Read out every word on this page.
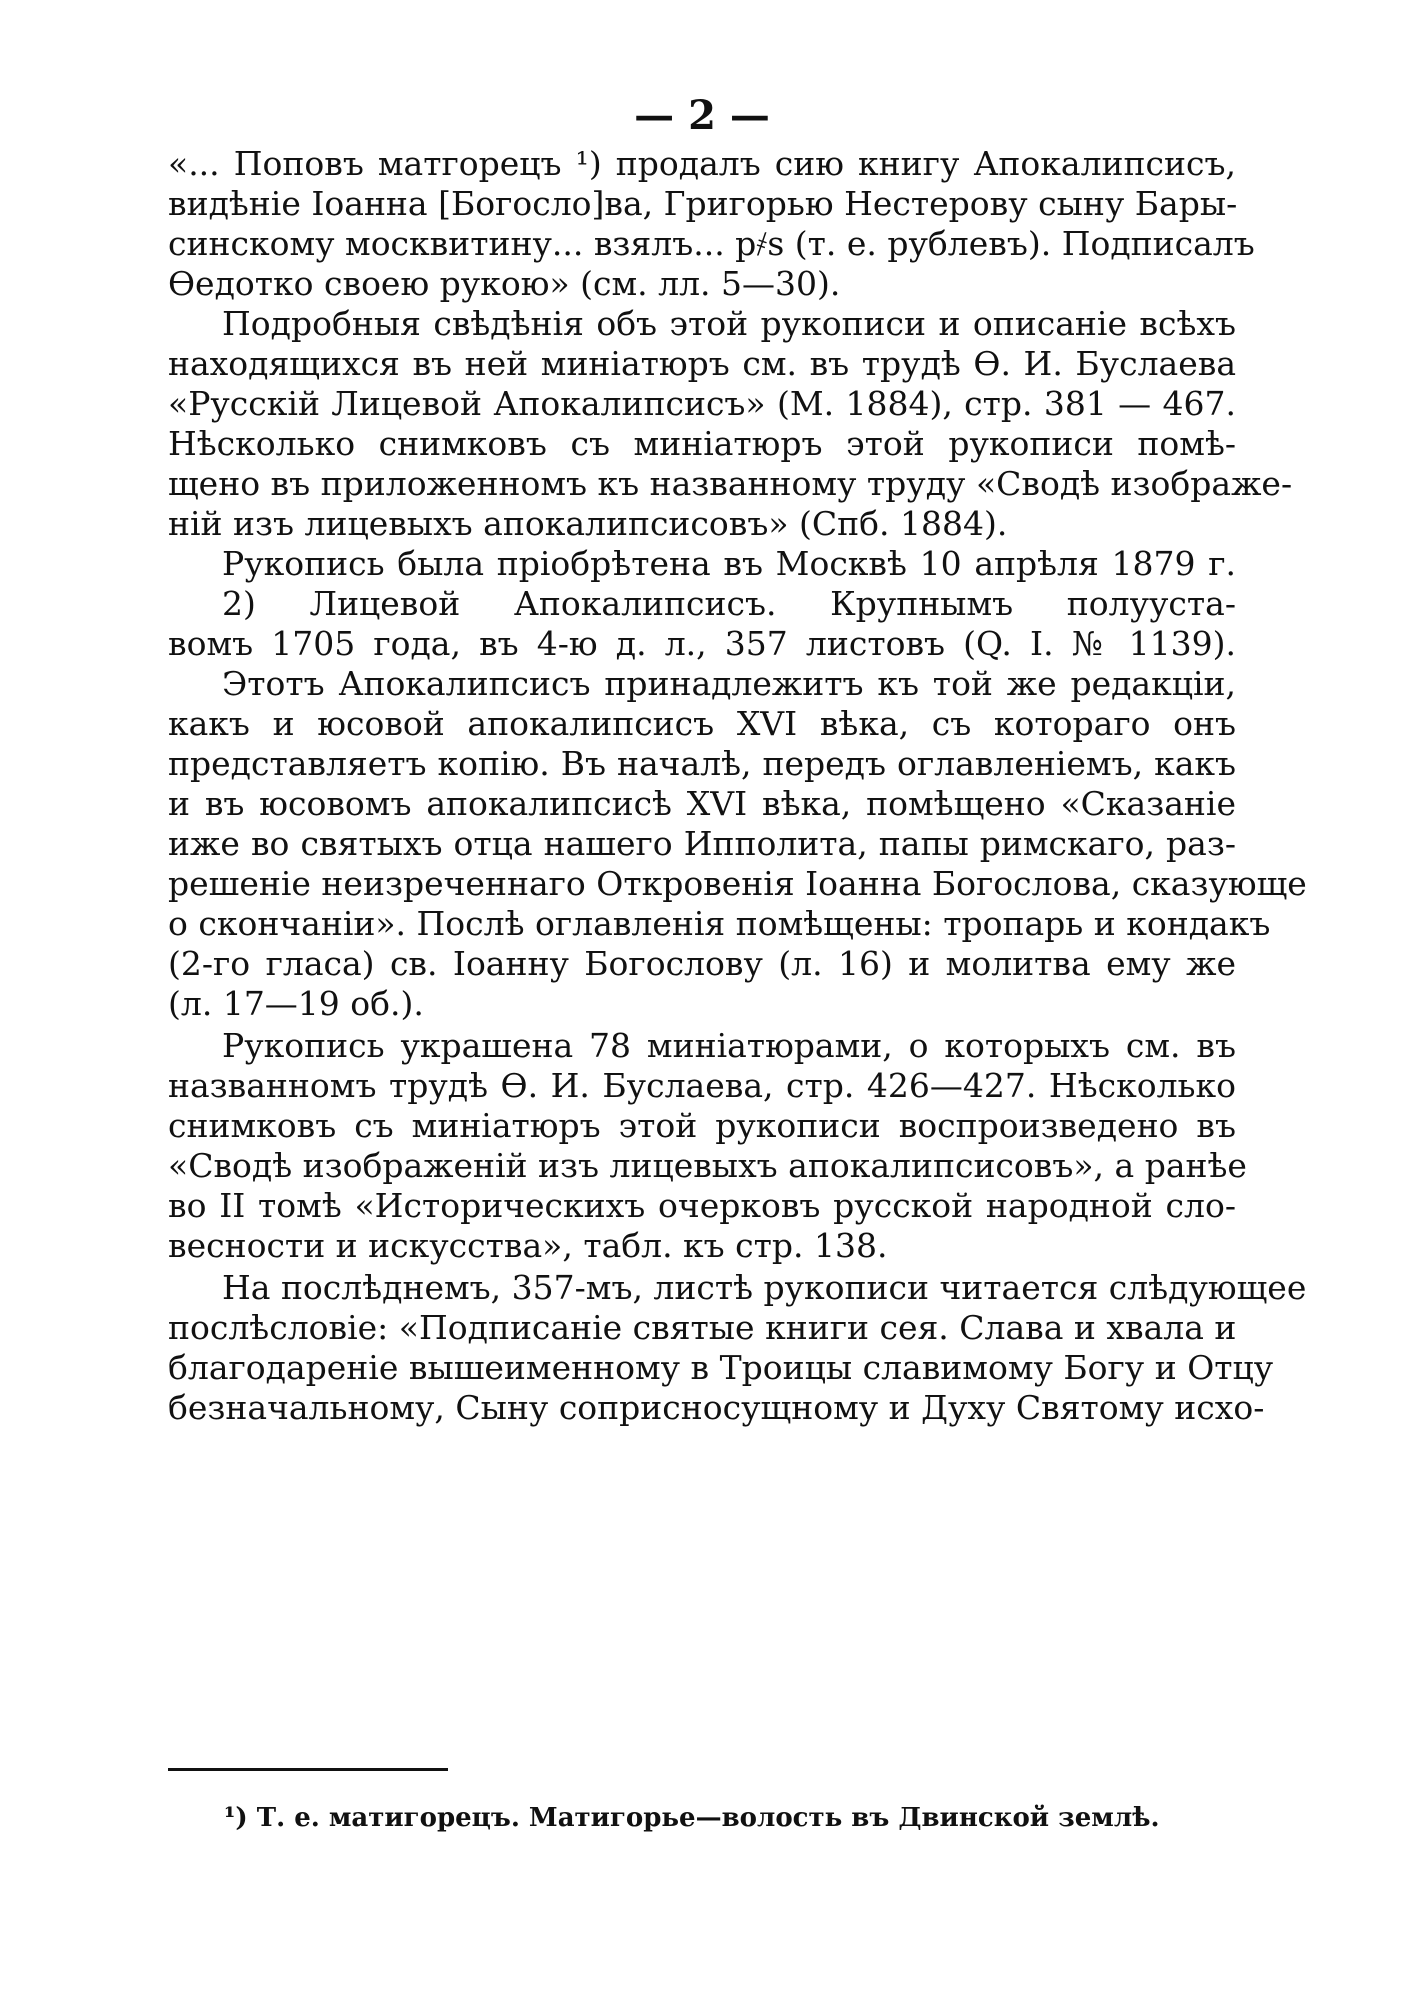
— 2 —
«... Поповъ матгорецъ ¹) продалъ сию книгу Апокалипсисъ,
видѣніе Іоанна [Богосло]ва, Григорью Нестерову сыну Бары-
синскому москвитину... взялъ... р҂ѕ (т. е. рублевъ). Подписалъ
Ѳедотко своею рукою» (см. лл. 5—30).
Подробныя свѣдѣнія объ этой рукописи и описаніе всѣхъ
находящихся въ ней миніатюръ см. въ трудѣ Ѳ. И. Буслаева
«Русскій Лицевой Апокалипсисъ» (М. 1884), стр. 381 — 467.
Нѣсколько снимковъ съ миніатюръ этой рукописи помѣ-
щено въ приложенномъ къ названному труду «Сводѣ изображе-
ній изъ лицевыхъ апокалипсисовъ» (Спб. 1884).
Рукопись была пріобрѣтена въ Москвѣ 10 апрѣля 1879 г.
2) Лицевой Апокалипсисъ. Крупнымъ полууста-
вомъ 1705 года, въ 4-ю д. л., 357 листовъ (Q. I. № 1139).
Этотъ Апокалипсисъ принадлежитъ къ той же редакціи,
какъ и юсовой апокалипсисъ XVI вѣка, съ котораго онъ
представляетъ копію. Въ началѣ, передъ оглавленіемъ, какъ
и въ юсовомъ апокалипсисѣ XVI вѣка, помѣщено «Сказаніе
иже во святыхъ отца нашего Ипполита, папы римскаго, раз-
решеніе неизреченнаго Откровенія Іоанна Богослова, сказующе
о скончаніи». Послѣ оглавленія помѣщены: тропарь и кондакъ
(2-го гласа) св. Іоанну Богослову (л. 16) и молитва ему же
(л. 17—19 об.).
Рукопись украшена 78 миніатюрами, о которыхъ см. въ
названномъ трудѣ Ѳ. И. Буслаева, стр. 426—427. Нѣсколько
снимковъ съ миніатюръ этой рукописи воспроизведено въ
«Сводѣ изображеній изъ лицевыхъ апокалипсисовъ», а ранѣе
во II томѣ «Историческихъ очерковъ русской народной сло-
весности и искусства», табл. къ стр. 138.
На послѣднемъ, 357-мъ, листѣ рукописи читается слѣдующее
послѣсловіе: «Подписаніе святые книги сея. Слава и хвала и
благодареніе вышеименному в Троицы славимому Богу и Отцу
безначальному, Сыну соприсносущному и Духу Святому исхо-
¹) Т. е. матигорецъ. Матигорье—волость въ Двинской землѣ.
